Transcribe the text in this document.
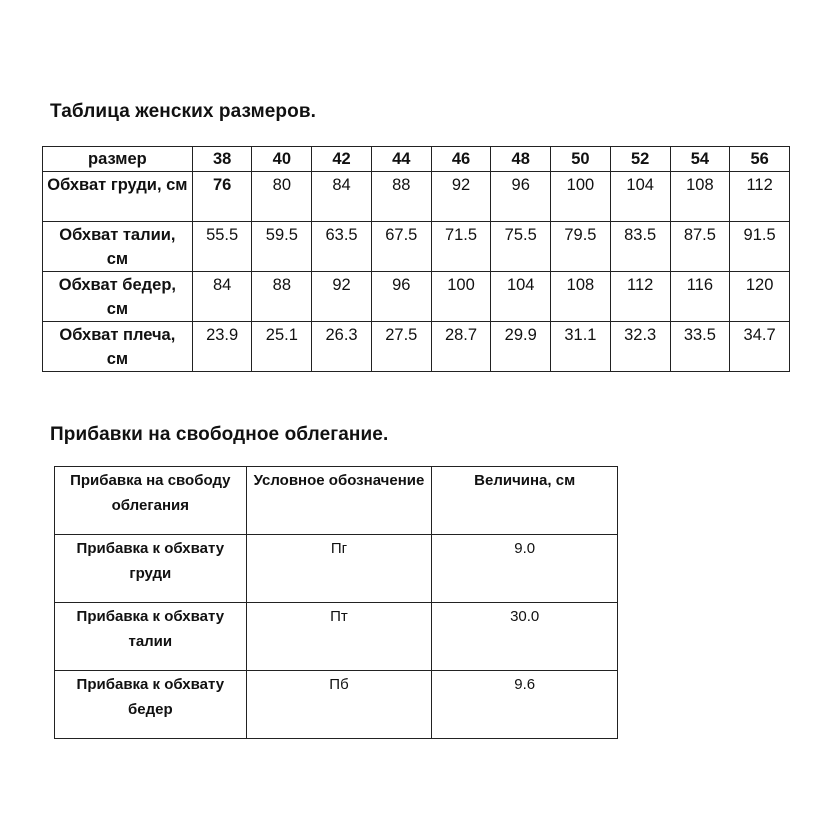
Таблица женских размеров.
размер	38	40	42	44	46	48	50	52	54	56
Обхват груди, см	76	80	84	88	92	96	100	104	108	112
Обхват талии, см	55.5	59.5	63.5	67.5	71.5	75.5	79.5	83.5	87.5	91.5
Обхват бедер, см	84	88	92	96	100	104	108	112	116	120
Обхват плеча, см	23.9	25.1	26.3	27.5	28.7	29.9	31.1	32.3	33.5	34.7
Прибавки на свободное облегание.
Прибавка на свободу облегания	Условное обозначение	Величина, см
Прибавка к обхвату груди	Пг	9.0
Прибавка к обхвату талии	Пт	30.0
Прибавка к обхвату бедер	Пб	9.6
